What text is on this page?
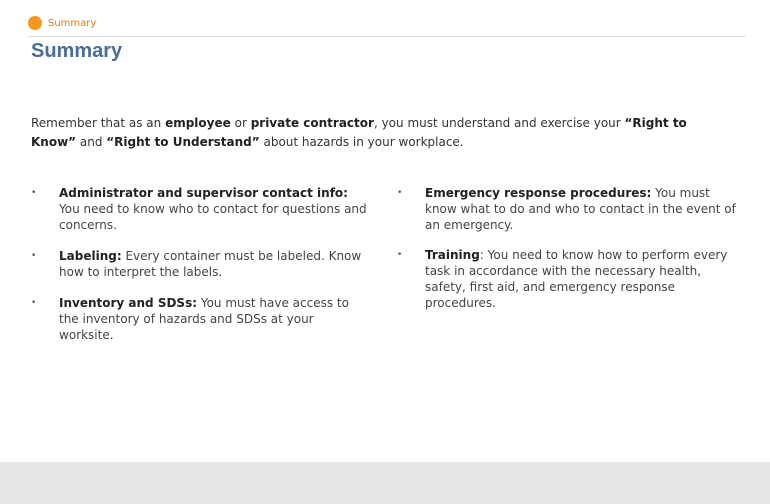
Summary
Summary

Remember that as an employee or private contractor, you must understand and exercise your “Right to Know” and “Right to Understand” about hazards in your workplace.

•	Administrator and supervisor contact info: You need to know who to contact for questions and concerns.
•	Labeling: Every container must be labeled. Know how to interpret the labels.
•	Inventory and SDSs: You must have access to the inventory of hazards and SDSs at your worksite.
•	Emergency response procedures: You must know what to do and who to contact in the event of an emergency.
•	Training: You need to know how to perform every task in accordance with the necessary health, safety, first aid, and emergency response procedures.
